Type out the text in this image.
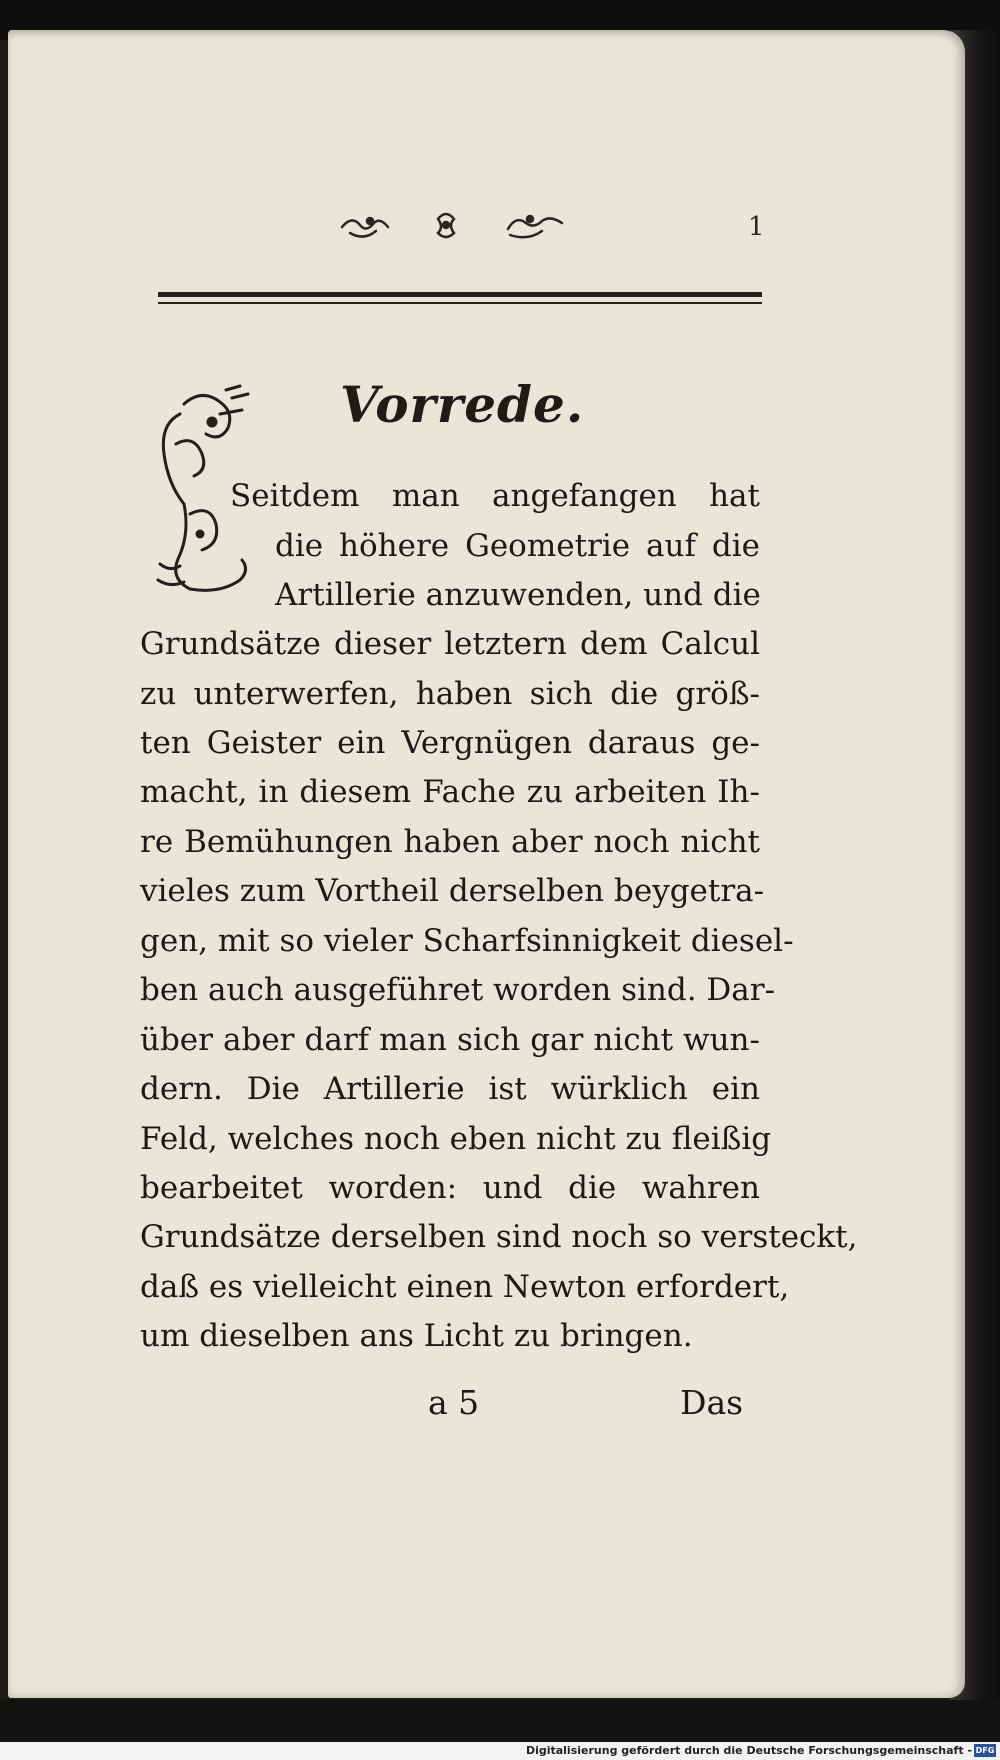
1
Vorrede.
Seitdem man angefangen hat
die höhere Geometrie auf die
Artillerie anzuwenden, und die
Grundsätze dieser letztern dem Calcul
zu unterwerfen, haben sich die größ-
ten Geister ein Vergnügen daraus ge-
macht, in diesem Fache zu arbeiten Ih-
re Bemühungen haben aber noch nicht
vieles zum Vortheil derselben beygetra-
gen, mit so vieler Scharfsinnigkeit diesel-
ben auch ausgeführet worden sind. Dar-
über aber darf man sich gar nicht wun-
dern. Die Artillerie ist würklich ein
Feld, welches noch eben nicht zu fleißig
bearbeitet worden: und die wahren
Grundsätze derselben sind noch so versteckt,
daß es vielleicht einen Newton erfordert,
um dieselben ans Licht zu bringen.
a 5	Das
Digitalisierung gefördert durch die Deutsche Forschungsgemeinschaft - DFG
